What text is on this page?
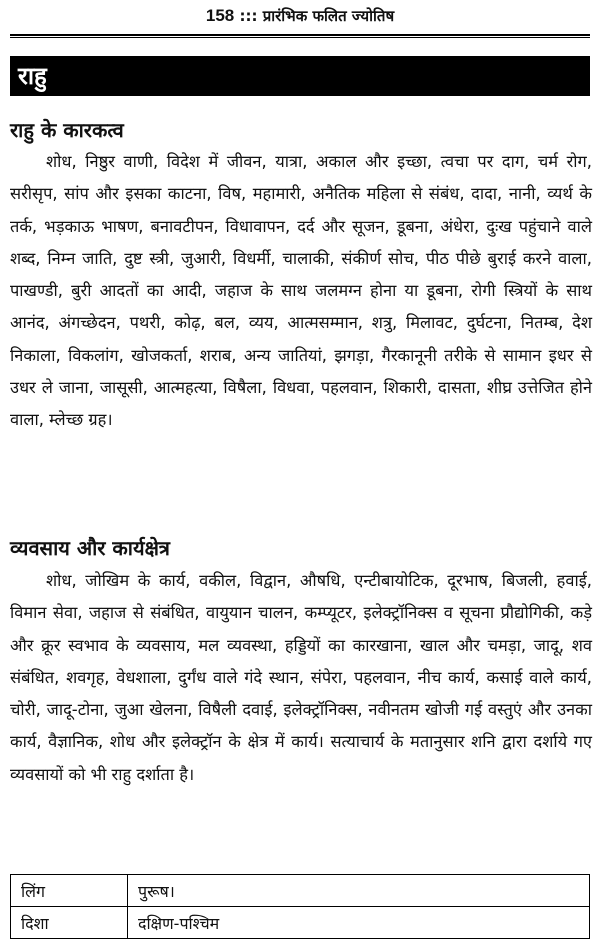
158 ::: प्रारंभिक फलित ज्योतिष
राहु
राहु के कारकत्व

शोध, निष्ठुर वाणी, विदेश में जीवन, यात्रा, अकाल और इच्छा, त्वचा पर दाग, चर्म रोग, सरीसृप, सांप और इसका काटना, विष, महामारी, अनैतिक महिला से संबंध, दादा, नानी, व्यर्थ के तर्क, भड़काऊ भाषण, बनावटीपन, विधावापन, दर्द और सूजन, डूबना, अंधेरा, दुःख पहुंचाने वाले शब्द, निम्न जाति, दुष्ट स्त्री, जुआरी, विधर्मी, चालाकी, संकीर्ण सोच, पीठ पीछे बुराई करने वाला, पाखण्डी, बुरी आदतों का आदी, जहाज के साथ जलमग्न होना या डूबना, रोगी स्त्रियों के साथ आनंद, अंगच्छेदन, पथरी, कोढ़, बल, व्यय, आत्मसम्मान, शत्रु, मिलावट, दुर्घटना, नितम्ब, देश निकाला, विकलांग, खोजकर्ता, शराब, अन्य जातियां, झगड़ा, गैरकानूनी तरीके से सामान इधर से उधर ले जाना, जासूसी, आत्महत्या, विषैला, विधवा, पहलवान, शिकारी, दासता, शीघ्र उत्तेजित होने वाला, म्लेच्छ ग्रह।

व्यवसाय और कार्यक्षेत्र

शोध, जोखिम के कार्य, वकील, विद्वान, औषधि, एन्टीबायोटिक, दूरभाष, बिजली, हवाई, विमान सेवा, जहाज से संबंधित, वायुयान चालन, कम्प्यूटर, इलेक्ट्रॉनिक्स व सूचना प्रौद्योगिकी, कड़े और क्रूर स्वभाव के व्यवसाय, मल व्यवस्था, हड्डियों का कारखाना, खाल और चमड़ा, जादू, शव संबंधित, शवगृह, वेधशाला, दुर्गंध वाले गंदे स्थान, संपेरा, पहलवान, नीच कार्य, कसाई वाले कार्य, चोरी, जादू-टोना, जुआ खेलना, विषैली दवाई, इलेक्ट्रॉनिक्स, नवीनतम खोजी गई वस्तुएं और उनका कार्य, वैज्ञानिक, शोध और इलेक्ट्रॉन के क्षेत्र में कार्य। सत्याचार्य के मतानुसार शनि द्वारा दर्शाये गए व्यवसायों को भी राहु दर्शाता है।

लिंग	पुरूष।
दिशा	दक्षिण-पश्चिम
